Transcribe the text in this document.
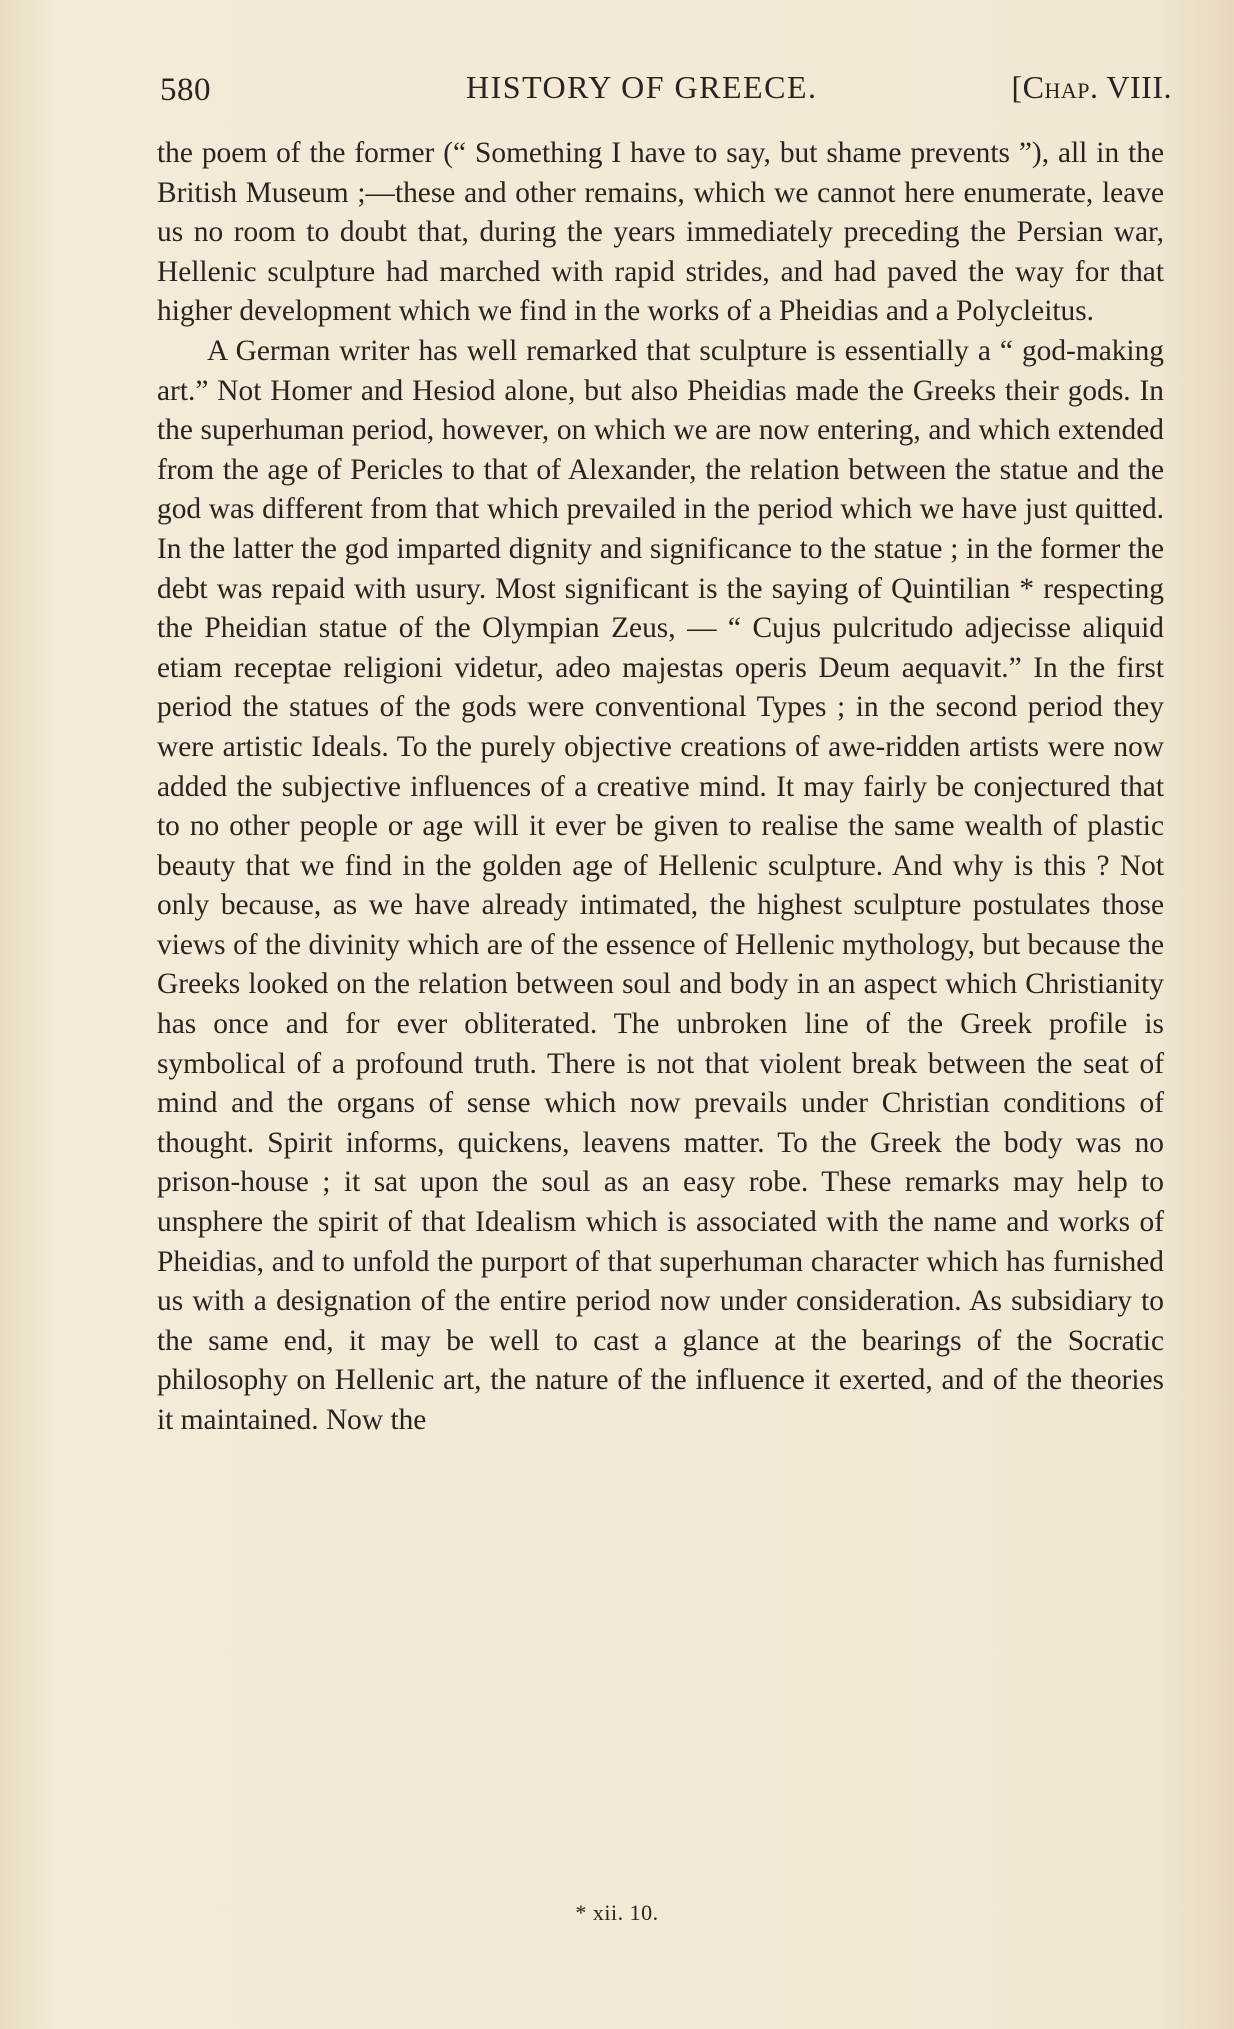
580	HISTORY OF GREECE.	[Chap. VIII.

the poem of the former (“ Something I have to say, but shame prevents ”), all in the British Museum ;—these and other remains, which we cannot here enumerate, leave us no room to doubt that, during the years immediately preceding the Persian war, Hellenic sculpture had marched with rapid strides, and had paved the way for that higher development which we find in the works of a Pheidias and a Polycleitus.

A German writer has well remarked that sculpture is essentially a “ god-making art.” Not Homer and Hesiod alone, but also Pheidias made the Greeks their gods. In the superhuman period, however, on which we are now entering, and which extended from the age of Pericles to that of Alexander, the relation between the statue and the god was different from that which prevailed in the period which we have just quitted. In the latter the god imparted dignity and significance to the statue ; in the former the debt was repaid with usury. Most significant is the saying of Quintilian * respecting the Pheidian statue of the Olympian Zeus, — “ Cujus pulcritudo adjecisse aliquid etiam receptae religioni videtur, adeo majestas operis Deum aequavit.” In the first period the statues of the gods were conventional Types ; in the second period they were artistic Ideals. To the purely objective creations of awe-ridden artists were now added the subjective influences of a creative mind. It may fairly be conjectured that to no other people or age will it ever be given to realise the same wealth of plastic beauty that we find in the golden age of Hellenic sculpture. And why is this ? Not only because, as we have already intimated, the highest sculpture postulates those views of the divinity which are of the essence of Hellenic mythology, but because the Greeks looked on the relation between soul and body in an aspect which Christianity has once and for ever obliterated. The unbroken line of the Greek profile is symbolical of a profound truth. There is not that violent break between the seat of mind and the organs of sense which now prevails under Christian conditions of thought. Spirit informs, quickens, leavens matter. To the Greek the body was no prison-house ; it sat upon the soul as an easy robe. These remarks may help to unsphere the spirit of that Idealism which is associated with the name and works of Pheidias, and to unfold the purport of that superhuman character which has furnished us with a designation of the entire period now under consideration. As subsidiary to the same end, it may be well to cast a glance at the bearings of the Socratic philosophy on Hellenic art, the nature of the influence it exerted, and of the theories it maintained. Now the

* xii. 10.
